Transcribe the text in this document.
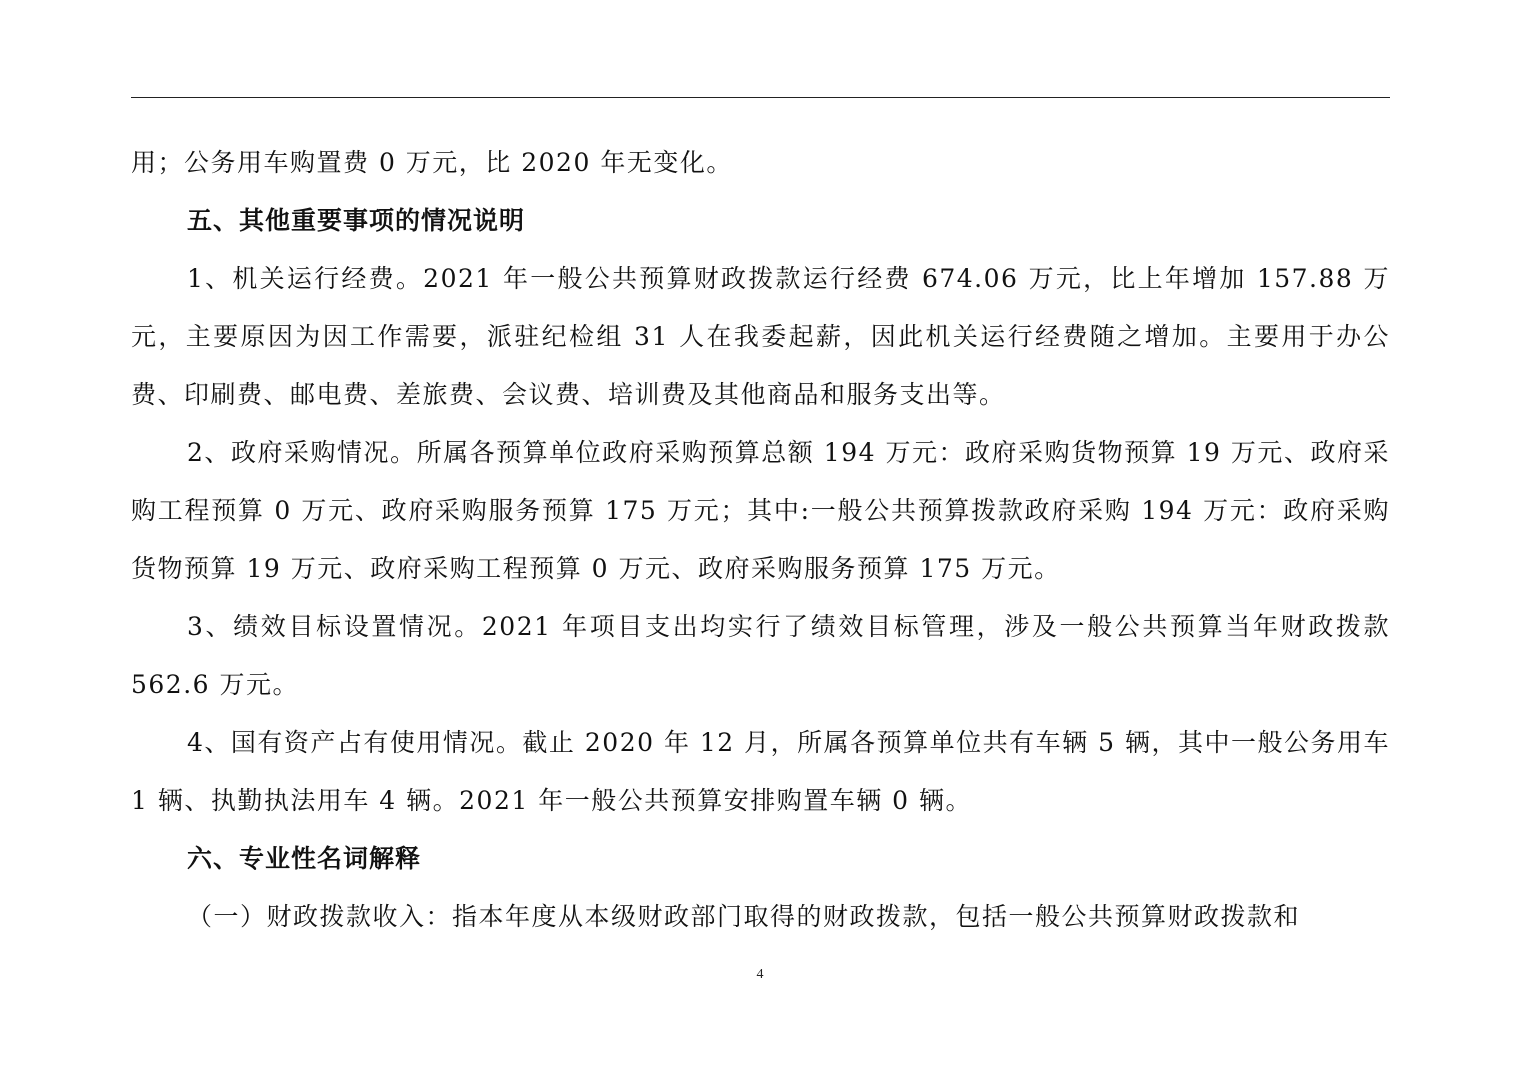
用；公务用车购置费 0 万元，比 2020 年无变化。

五、其他重要事项的情况说明

1、机关运行经费。2021 年一般公共预算财政拨款运行经费 674.06 万元，比上年增加 157.88 万元，主要原因为因工作需要，派驻纪检组 31 人在我委起薪，因此机关运行经费随之增加。主要用于办公费、印刷费、邮电费、差旅费、会议费、培训费及其他商品和服务支出等。

2、政府采购情况。所属各预算单位政府采购预算总额 194 万元：政府采购货物预算 19 万元、政府采购工程预算 0 万元、政府采购服务预算 175 万元；其中:一般公共预算拨款政府采购 194 万元：政府采购货物预算 19 万元、政府采购工程预算 0 万元、政府采购服务预算 175 万元。

3、绩效目标设置情况。2021 年项目支出均实行了绩效目标管理，涉及一般公共预算当年财政拨款 562.6 万元。

4、国有资产占有使用情况。截止 2020 年 12 月，所属各预算单位共有车辆 5 辆，其中一般公务用车 1 辆、执勤执法用车 4 辆。2021 年一般公共预算安排购置车辆 0 辆。

六、专业性名词解释

（一）财政拨款收入：指本年度从本级财政部门取得的财政拨款，包括一般公共预算财政拨款和

4
